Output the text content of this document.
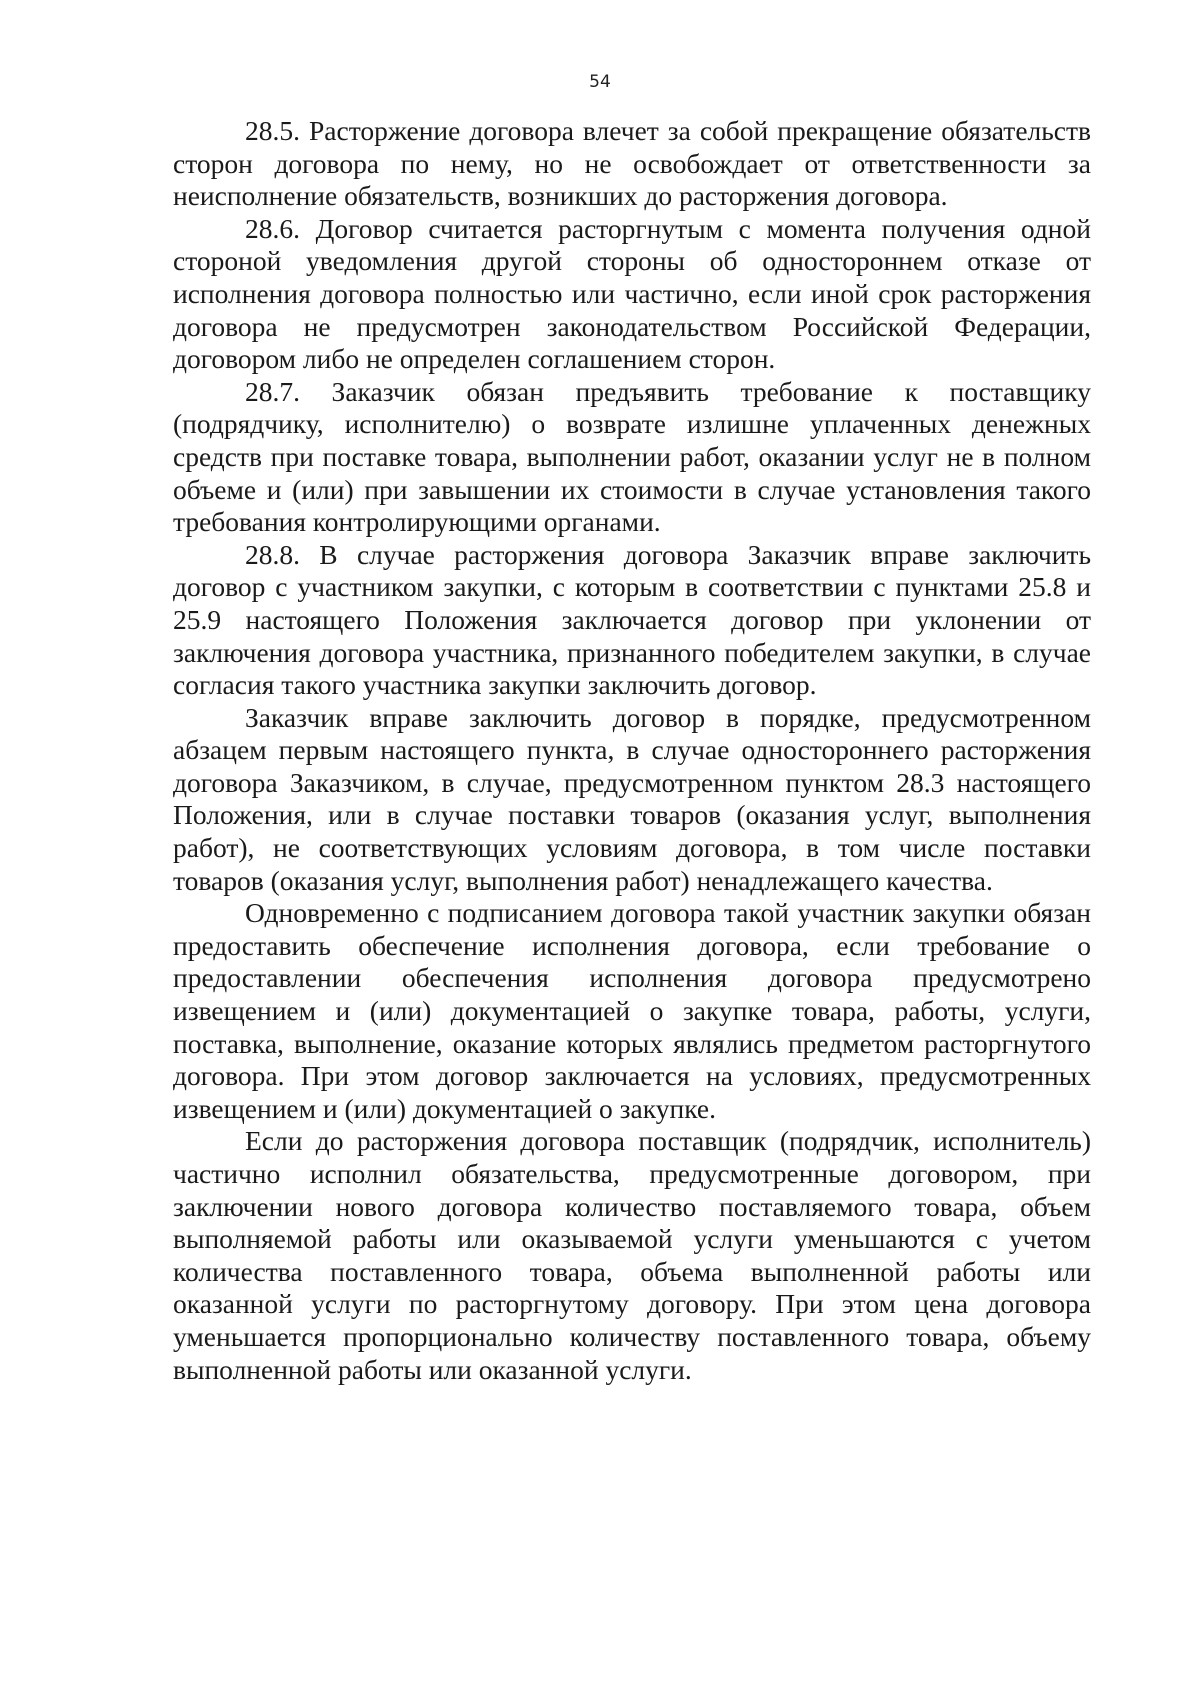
54

28.5. Расторжение договора влечет за собой прекращение обязательств сторон договора по нему, но не освобождает от ответственности за неисполнение обязательств, возникших до расторжения договора.

28.6. Договор считается расторгнутым с момента получения одной стороной уведомления другой стороны об одностороннем отказе от исполнения договора полностью или частично, если иной срок расторжения договора не предусмотрен законодательством Российской Федерации, договором либо не определен соглашением сторон.

28.7. Заказчик обязан предъявить требование к поставщику (подрядчику, исполнителю) о возврате излишне уплаченных денежных средств при поставке товара, выполнении работ, оказании услуг не в полном объеме и (или) при завышении их стоимости в случае установления такого требования контролирующими органами.

28.8. В случае расторжения договора Заказчик вправе заключить договор с участником закупки, с которым в соответствии с пунктами 25.8 и 25.9 настоящего Положения заключается договор при уклонении от заключения договора участника, признанного победителем закупки, в случае согласия такого участника закупки заключить договор.

Заказчик вправе заключить договор в порядке, предусмотренном абзацем первым настоящего пункта, в случае одностороннего расторжения договора Заказчиком, в случае, предусмотренном пунктом 28.3 настоящего Положения, или в случае поставки товаров (оказания услуг, выполнения работ), не соответствующих условиям договора, в том числе поставки товаров (оказания услуг, выполнения работ) ненадлежащего качества.

Одновременно с подписанием договора такой участник закупки обязан предоставить обеспечение исполнения договора, если требование о предоставлении обеспечения исполнения договора предусмотрено извещением и (или) документацией о закупке товара, работы, услуги, поставка, выполнение, оказание которых являлись предметом расторгнутого договора. При этом договор заключается на условиях, предусмотренных извещением и (или) документацией о закупке.

Если до расторжения договора поставщик (подрядчик, исполнитель) частично исполнил обязательства, предусмотренные договором, при заключении нового договора количество поставляемого товара, объем выполняемой работы или оказываемой услуги уменьшаются с учетом количества поставленного товара, объема выполненной работы или оказанной услуги по расторгнутому договору. При этом цена договора уменьшается пропорционально количеству поставленного товара, объему выполненной работы или оказанной услуги.
